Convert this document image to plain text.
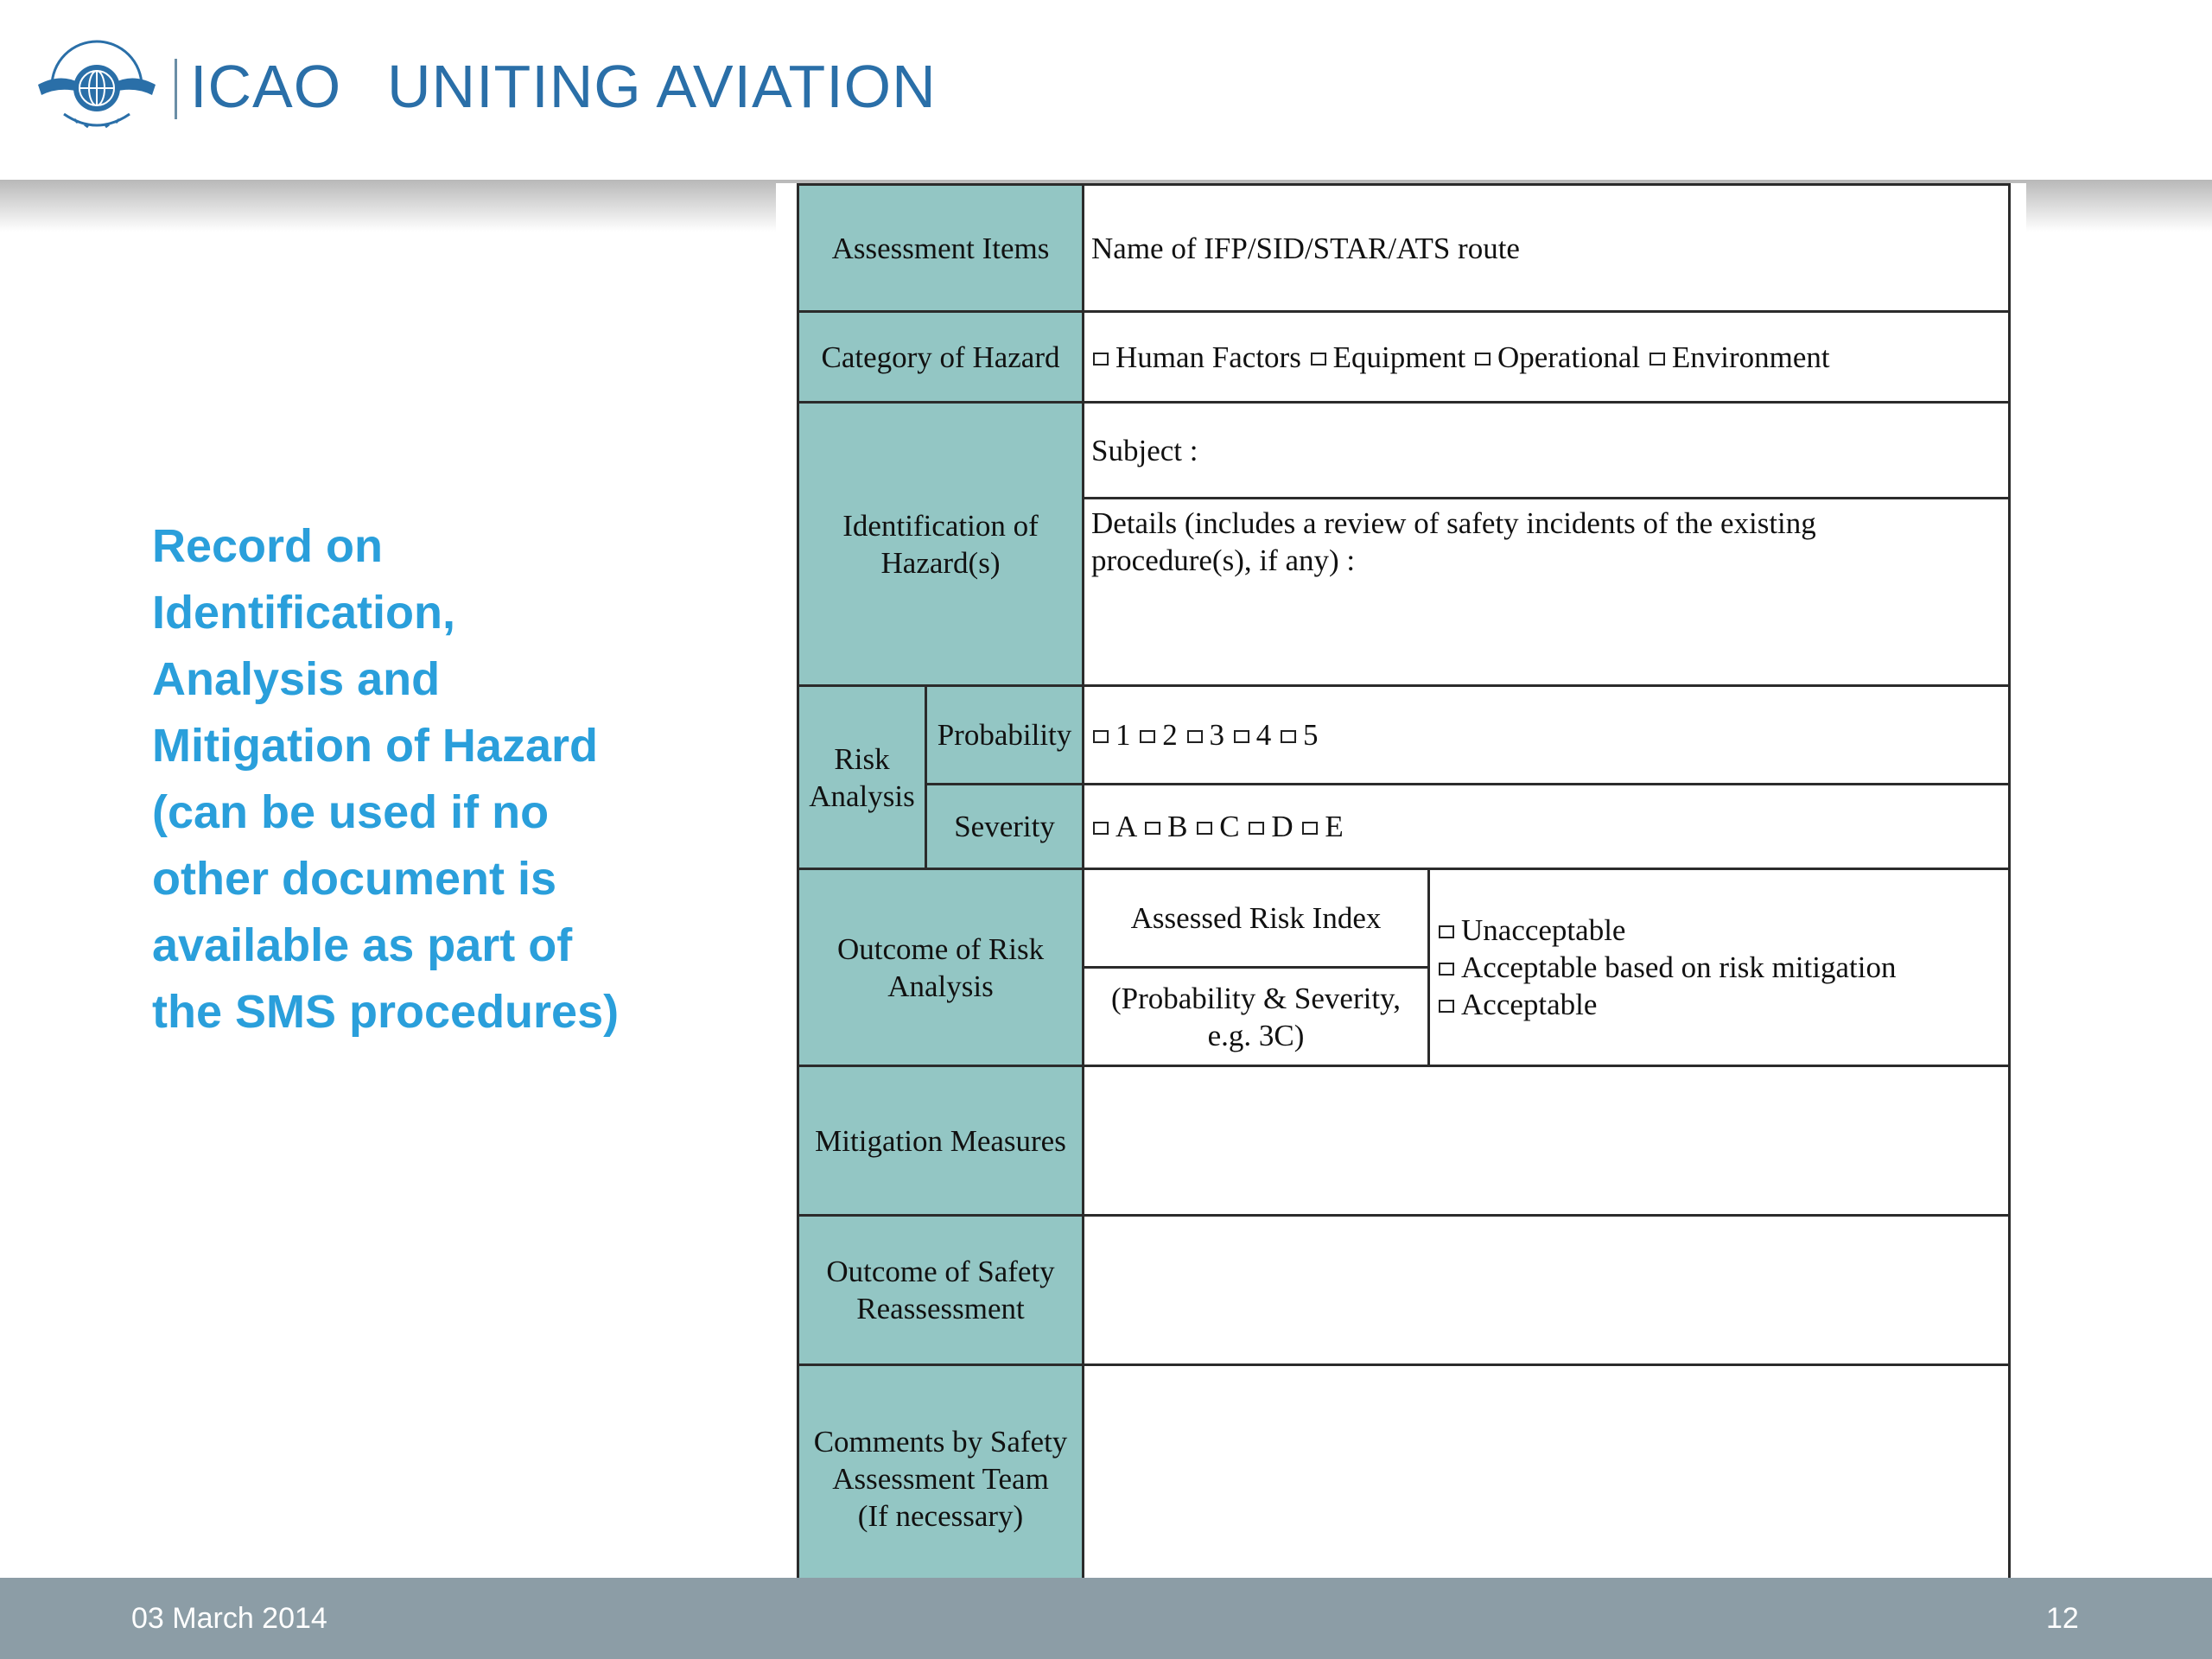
ICAO UNITING AVIATION
Record on
Identification,
Analysis and
Mitigation of Hazard
(can be used if no
other document is
available as part of
the SMS procedures)
Assessment Items		Name of IFP/SID/STAR/ATS route	
Category of Hazard		Human Factors Equipment Operational Environment	
Identification of Hazard(s)		Subject :	

		Details (includes a review of safety incidents of the existing
procedure(s), if any) :	

Risk Analysis	Probability	1 2 3 4 5	
	Severity	A B C D E	
Outcome of Risk Analysis		Assessed Risk Index	Unacceptable
Acceptable based on risk mitigation
Acceptable

		(Probability & Severity,
e.g. 3C)	

Mitigation Measures			
Outcome of Safety Reassessment			

Comments by Safety
Assessment Team
(If necessary)			

03 March 2014	12
